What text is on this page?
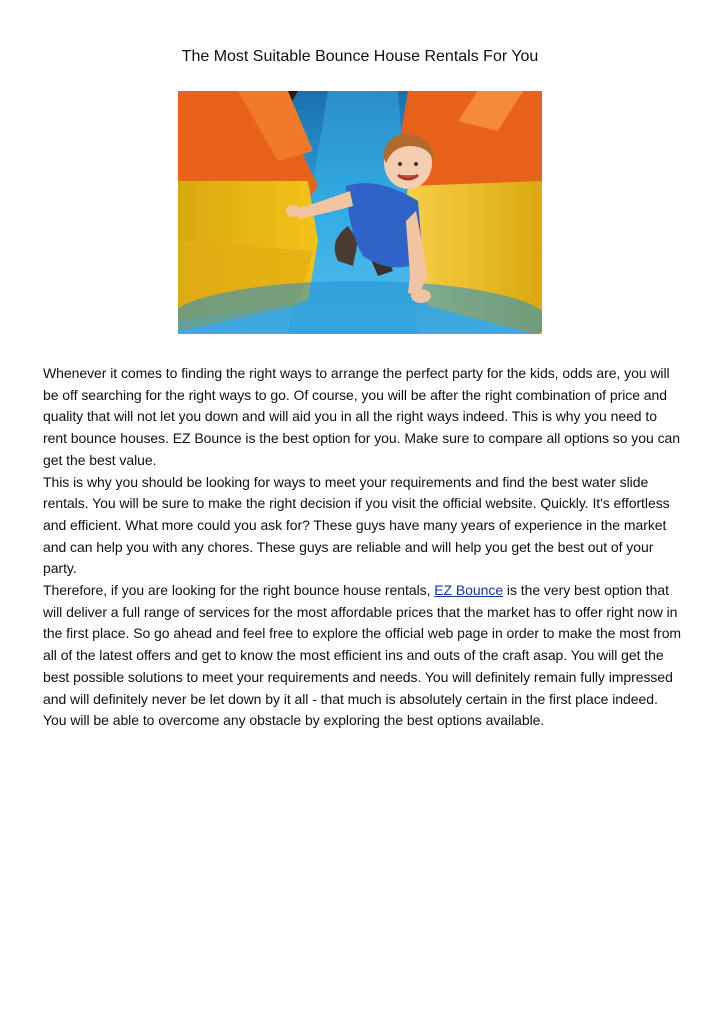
The Most Suitable Bounce House Rentals For You

Whenever it comes to finding the right ways to arrange the perfect party for the kids, odds are, you will be off searching for the right ways to go. Of course, you will be after the right combination of price and quality that will not let you down and will aid you in all the right ways indeed. This is why you need to rent bounce houses. EZ Bounce is the best option for you. Make sure to compare all options so you can get the best value.

This is why you should be looking for ways to meet your requirements and find the best water slide rentals. You will be sure to make the right decision if you visit the official website. Quickly. It's effortless and efficient. What more could you ask for? These guys have many years of experience in the market and can help you with any chores. These guys are reliable and will help you get the best out of your party.

Therefore, if you are looking for the right bounce house rentals, EZ Bounce is the very best option that will deliver a full range of services for the most affordable prices that the market has to offer right now in the first place. So go ahead and feel free to explore the official web page in order to make the most from all of the latest offers and get to know the most efficient ins and outs of the craft asap. You will get the best possible solutions to meet your requirements and needs. You will definitely remain fully impressed and will definitely never be let down by it all - that much is absolutely certain in the first place indeed. You will be able to overcome any obstacle by exploring the best options available.
